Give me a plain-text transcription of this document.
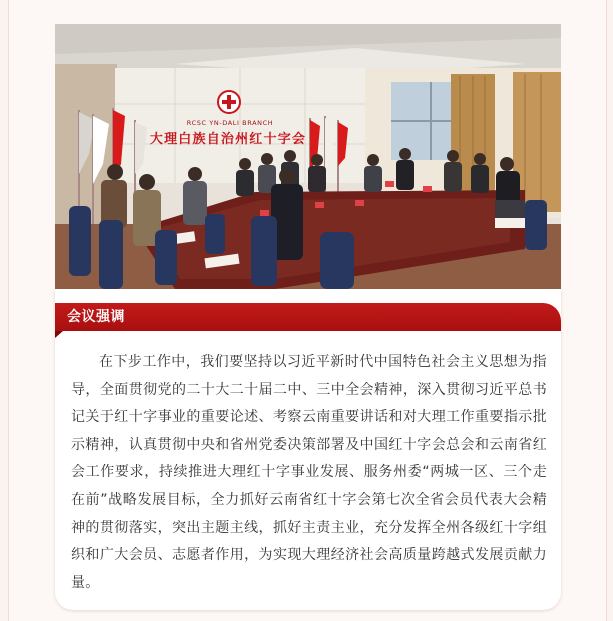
RCSC YN-DALI BRANCH
大理白族自治州红十字会
会议强调

在下步工作中，我们要坚持以习近平新时代中国特色社会主义思想为指导，全面贯彻党的二十大二十届二中、三中全会精神，深入贯彻习近平总书记关于红十字事业的重要论述、考察云南重要讲话和对大理工作重要指示批示精神，认真贯彻中央和省州党委决策部署及中国红十字会总会和云南省红会工作要求，持续推进大理红十字事业发展、服务州委“两城一区、三个走在前”战略发展目标，全力抓好云南省红十字会第七次全省会员代表大会精神的贯彻落实，突出主题主线，抓好主责主业，充分发挥全州各级红十字组织和广大会员、志愿者作用，为实现大理经济社会高质量跨越式发展贡献力量。
